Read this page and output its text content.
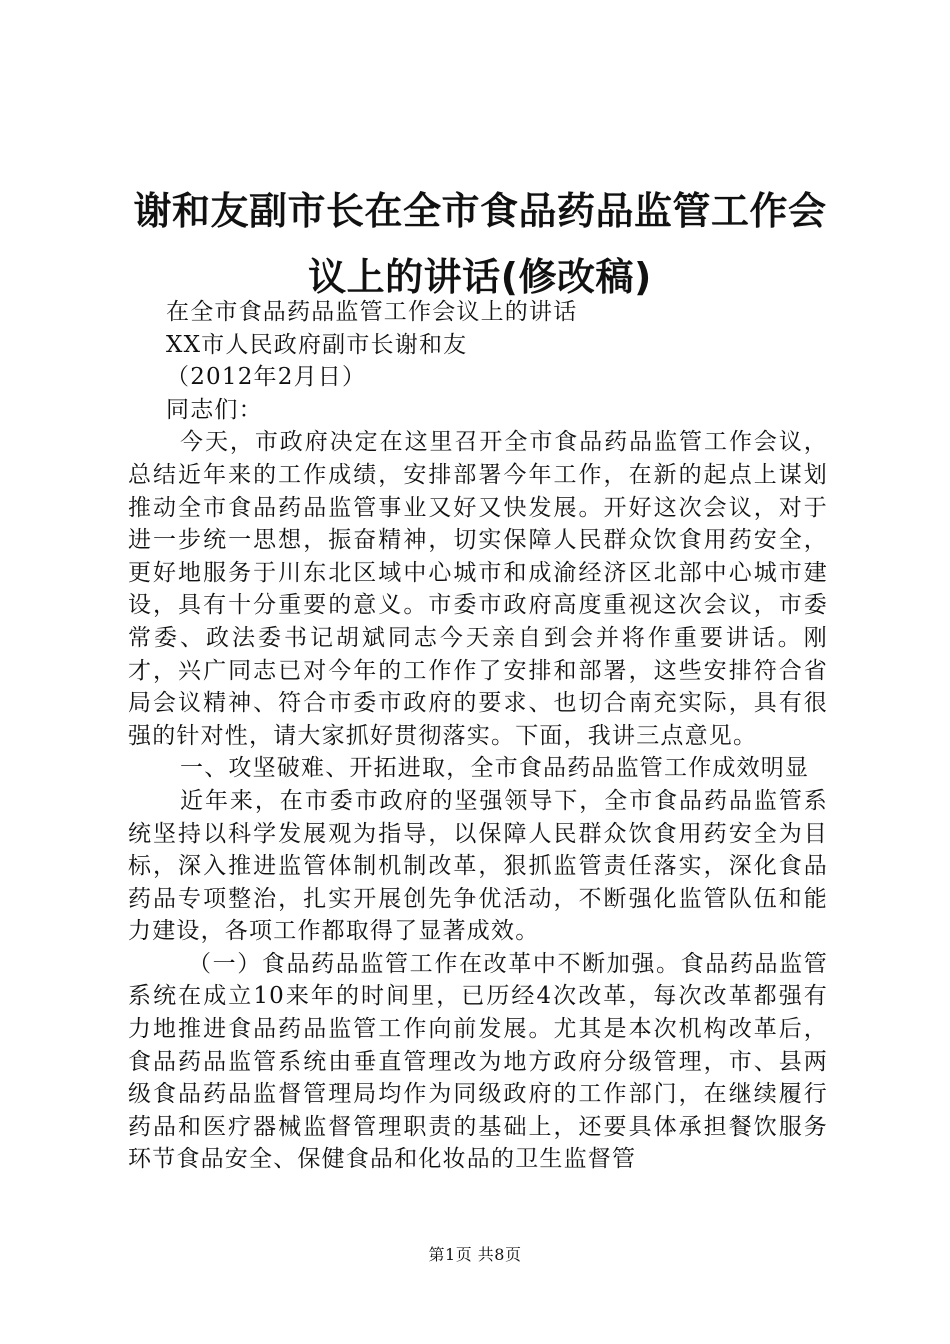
谢和友副市长在全市食品药品监管工作会议上的讲话(修改稿)

在全市食品药品监管工作会议上的讲话

XX市人民政府副市长谢和友

（2012年2月日）

同志们：

今天，市政府决定在这里召开全市食品药品监管工作会议，总结近年来的工作成绩，安排部署今年工作，在新的起点上谋划推动全市食品药品监管事业又好又快发展。开好这次会议，对于进一步统一思想，振奋精神，切实保障人民群众饮食用药安全，更好地服务于川东北区域中心城市和成渝经济区北部中心城市建设，具有十分重要的意义。市委市政府高度重视这次会议，市委常委、政法委书记胡斌同志今天亲自到会并将作重要讲话。刚才，兴广同志已对今年的工作作了安排和部署，这些安排符合省局会议精神、符合市委市政府的要求、也切合南充实际，具有很强的针对性，请大家抓好贯彻落实。下面，我讲三点意见。

一、攻坚破难、开拓进取，全市食品药品监管工作成效明显

近年来，在市委市政府的坚强领导下，全市食品药品监管系统坚持以科学发展观为指导，以保障人民群众饮食用药安全为目标，深入推进监管体制机制改革，狠抓监管责任落实，深化食品药品专项整治，扎实开展创先争优活动，不断强化监管队伍和能力建设，各项工作都取得了显著成效。

（一）食品药品监管工作在改革中不断加强。食品药品监管系统在成立10来年的时间里，已历经4次改革，每次改革都强有力地推进食品药品监管工作向前发展。尤其是本次机构改革后，食品药品监管系统由垂直管理改为地方政府分级管理，市、县两级食品药品监督管理局均作为同级政府的工作部门，在继续履行药品和医疗器械监督管理职责的基础上，还要具体承担餐饮服务环节食品安全、保健食品和化妆品的卫生监督管

第1页 共8页
